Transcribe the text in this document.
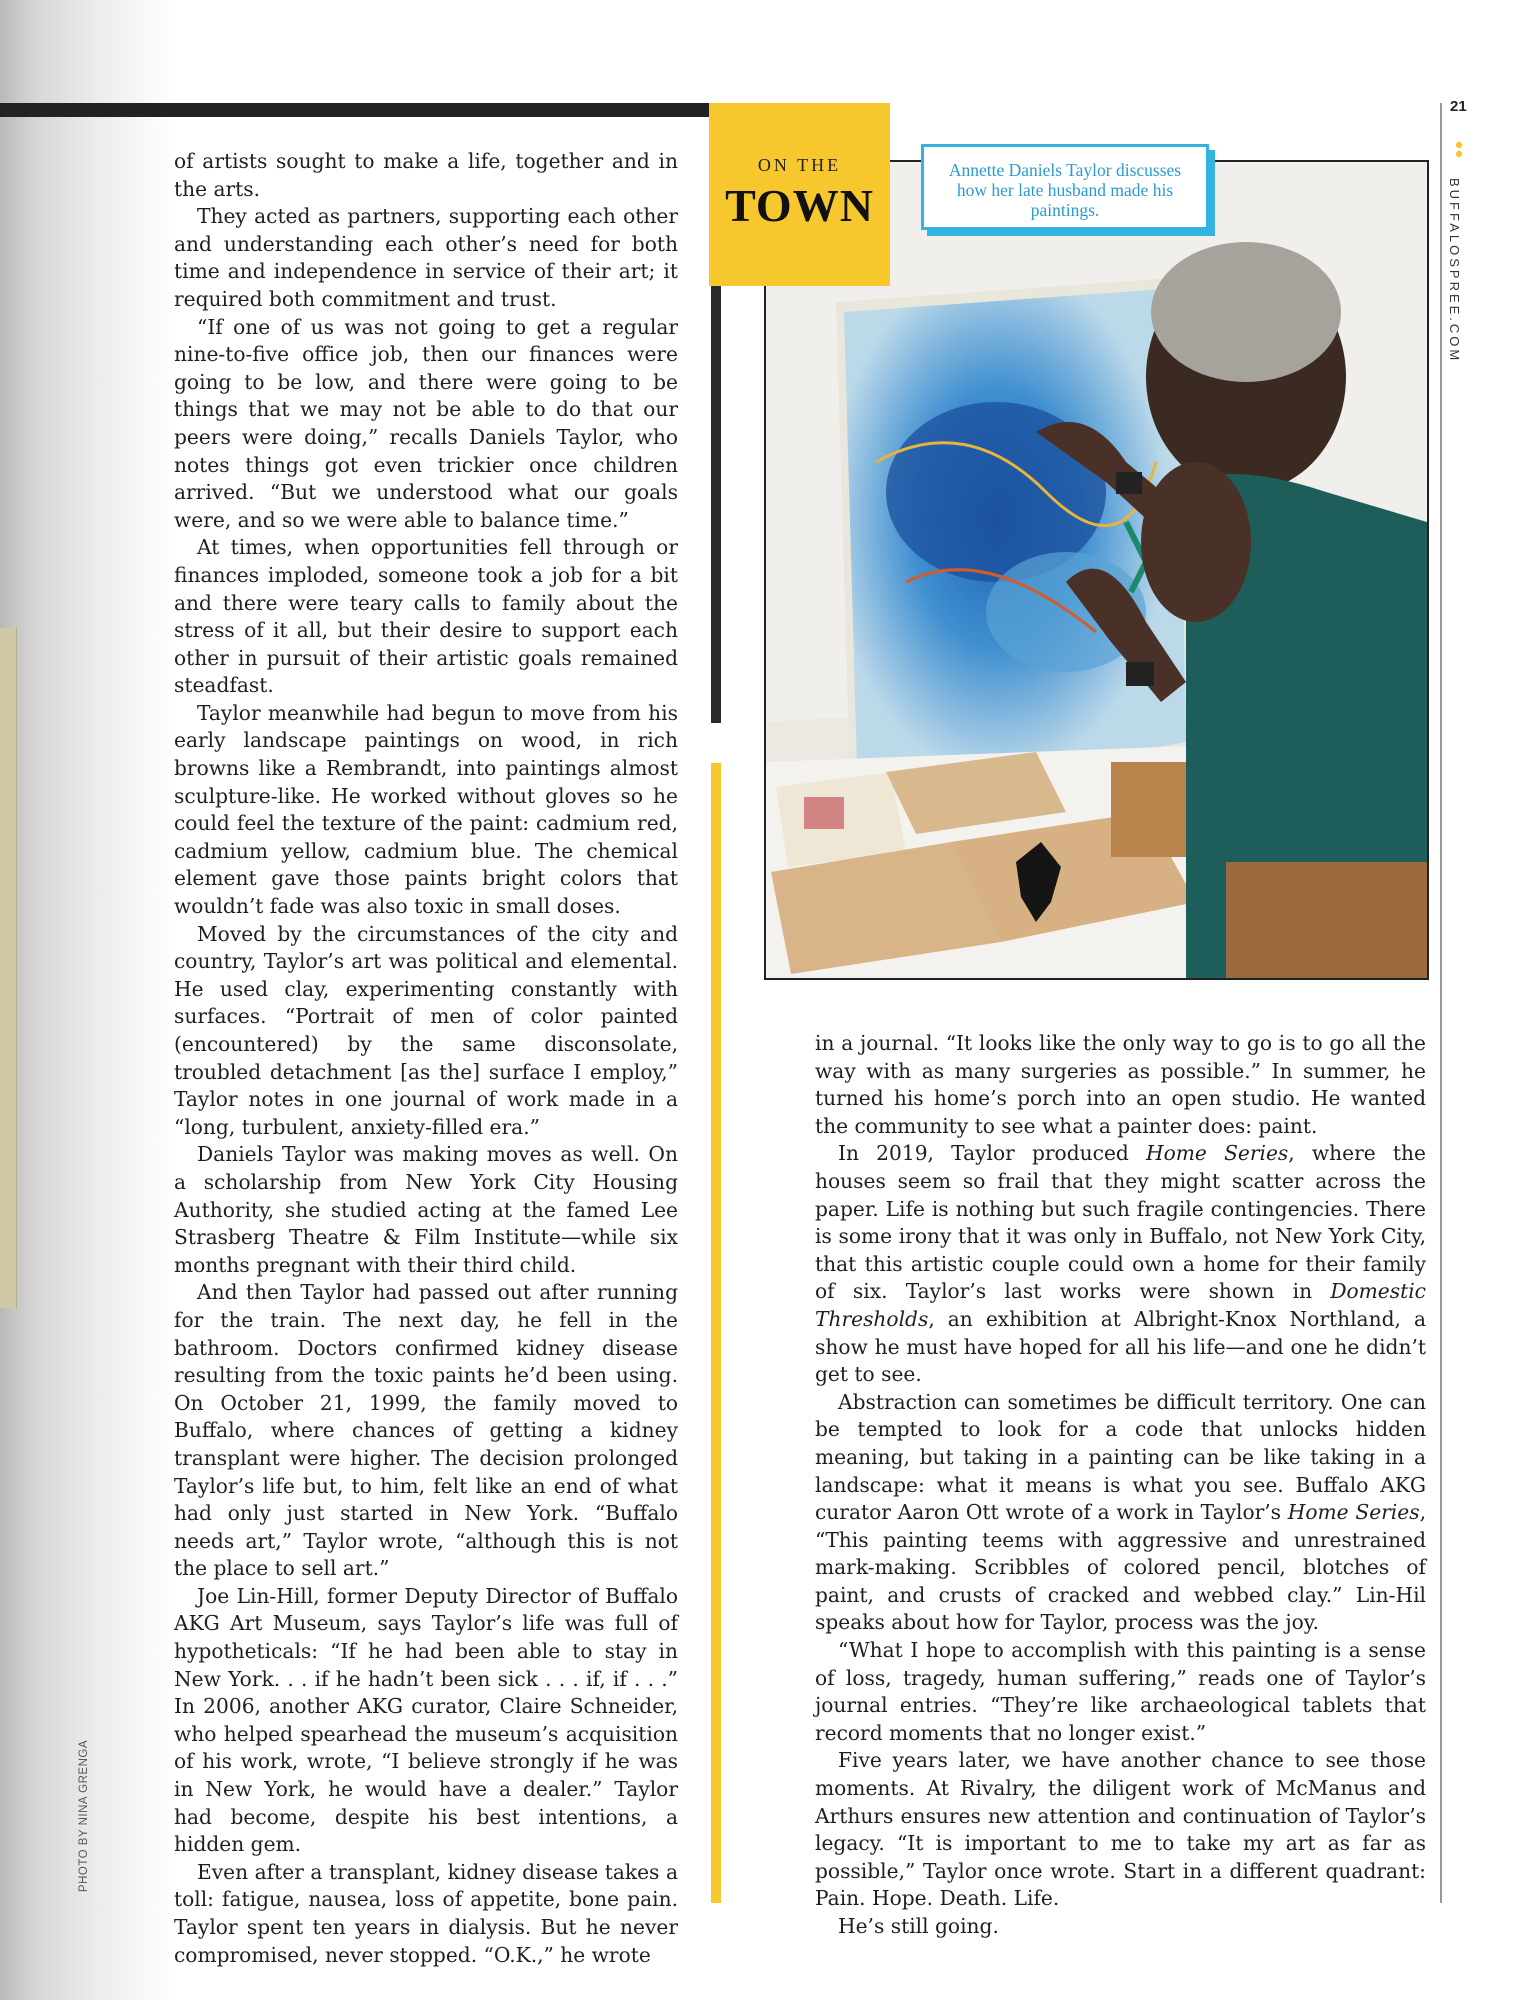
21
BUFFALOSPREE.COM
PHOTO BY NINA GRENGA

of artists sought to make a life, together and in the arts.

They acted as partners, supporting each other and understanding each other’s need for both time and independence in service of their art; it required both commitment and trust.

“If one of us was not going to get a regular nine-to-five office job, then our finances were going to be low, and there were going to be things that we may not be able to do that our peers were doing,” recalls Daniels Taylor, who notes things got even trickier once children arrived. “But we understood what our goals were, and so we were able to balance time.”

At times, when opportunities fell through or finances imploded, someone took a job for a bit and there were teary calls to family about the stress of it all, but their desire to support each other in pursuit of their artistic goals remained steadfast.

Taylor meanwhile had begun to move from his early landscape paintings on wood, in rich browns like a Rembrandt, into paintings almost sculpture-like. He worked without gloves so he could feel the texture of the paint: cadmium red, cadmium yellow, cadmium blue. The chemical element gave those paints bright colors that wouldn’t fade was also toxic in small doses.

Moved by the circumstances of the city and country, Taylor’s art was political and elemental. He used clay, experimenting constantly with surfaces. “Portrait of men of color painted (encountered) by the same disconsolate, troubled detachment [as the] surface I employ,” Taylor notes in one journal of work made in a “long, turbulent, anxiety-filled era.”

Daniels Taylor was making moves as well. On a scholarship from New York City Housing Authority, she studied acting at the famed Lee Strasberg Theatre & Film Institute—while six months pregnant with their third child.

And then Taylor had passed out after running for the train. The next day, he fell in the bathroom. Doctors confirmed kidney disease resulting from the toxic paints he’d been using. On October 21, 1999, the family moved to Buffalo, where chances of getting a kidney transplant were higher. The decision prolonged Taylor’s life but, to him, felt like an end of what had only just started in New York. “Buffalo needs art,” Taylor wrote, “although this is not the place to sell art.”

Joe Lin-Hill, former Deputy Director of Buffalo AKG Art Museum, says Taylor’s life was full of hypotheticals: “If he had been able to stay in New York. . . if he hadn’t been sick . . . if, if . . .” In 2006, another AKG curator, Claire Schneider, who helped spearhead the museum’s acquisition of his work, wrote, “I believe strongly if he was in New York, he would have a dealer.” Taylor had become, despite his best intentions, a hidden gem.

Even after a transplant, kidney disease takes a toll: fatigue, nausea, loss of appetite, bone pain. Taylor spent ten years in dialysis. But he never compromised, never stopped. “O.K.,” he wrote

Annette Daniels Taylor discusses how her late husband made his paintings.
ON THE
TOWN

in a journal. “It looks like the only way to go is to go all the way with as many surgeries as possible.” In summer, he turned his home’s porch into an open studio. He wanted the community to see what a painter does: paint.

In 2019, Taylor produced Home Series, where the houses seem so frail that they might scatter across the paper. Life is nothing but such fragile contingencies. There is some irony that it was only in Buffalo, not New York City, that this artistic couple could own a home for their family of six. Taylor’s last works were shown in Domestic Thresholds, an exhibition at Albright-Knox Northland, a show he must have hoped for all his life—and one he didn’t get to see.

Abstraction can sometimes be difficult territory. One can be tempted to look for a code that unlocks hidden meaning, but taking in a painting can be like taking in a landscape: what it means is what you see. Buffalo AKG curator Aaron Ott wrote of a work in Taylor’s Home Series, “This painting teems with aggressive and unrestrained mark-making. Scribbles of colored pencil, blotches of paint, and crusts of cracked and webbed clay.” Lin-Hil speaks about how for Taylor, process was the joy.

“What I hope to accomplish with this painting is a sense of loss, tragedy, human suffering,” reads one of Taylor’s journal entries. “They’re like archaeological tablets that record moments that no longer exist.”

Five years later, we have another chance to see those moments. At Rivalry, the diligent work of McManus and Arthurs ensures new attention and continuation of Taylor’s legacy. “It is important to me to take my art as far as possible,” Taylor once wrote. Start in a different quadrant: Pain. Hope. Death. Life.

He’s still going.
